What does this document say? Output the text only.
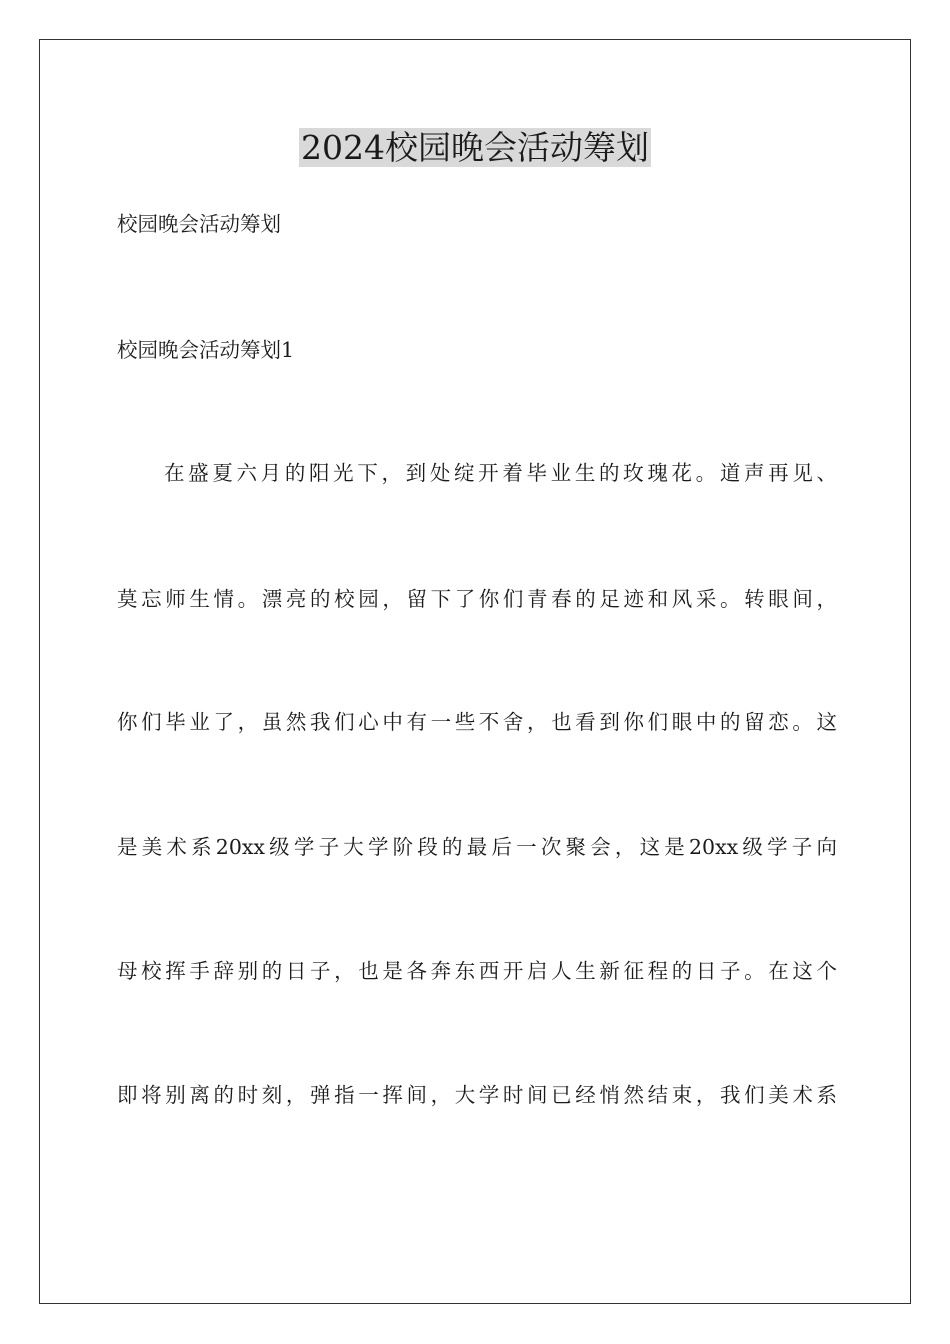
2024校园晚会活动筹划

校园晚会活动筹划

校园晚会活动筹划1

在盛夏六月的阳光下，到处绽开着毕业生的玫瑰花。道声再见、

莫忘师生情。漂亮的校园，留下了你们青春的足迹和风采。转眼间，

你们毕业了，虽然我们心中有一些不舍，也看到你们眼中的留恋。这

是美术系20xx级学子大学阶段的最后一次聚会，这是20xx级学子向

母校挥手辞别的日子，也是各奔东西开启人生新征程的日子。在这个

即将别离的时刻，弹指一挥间，大学时间已经悄然结束，我们美术系
